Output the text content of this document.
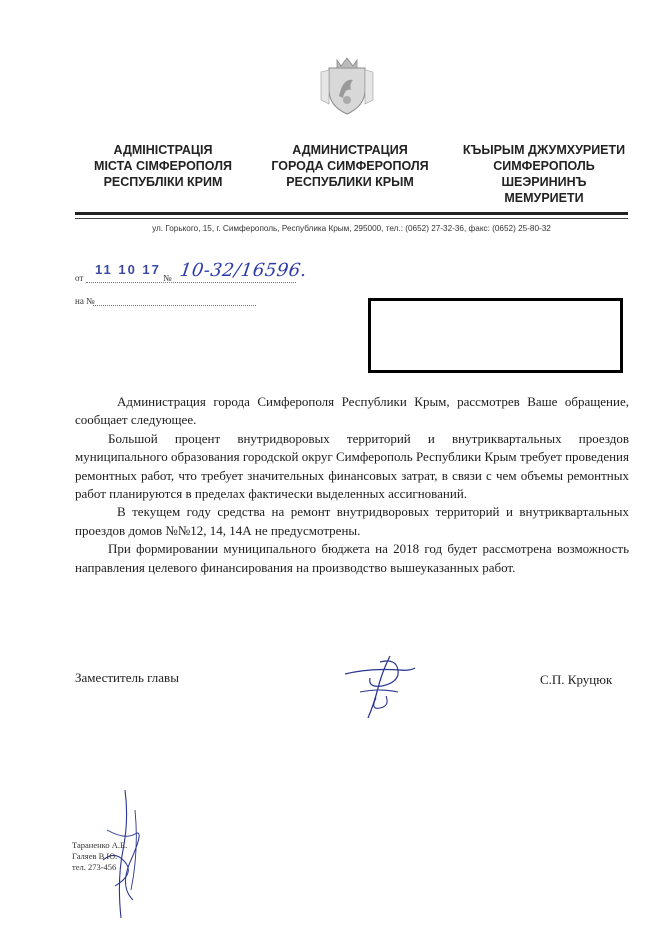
АДМІНІСТРАЦІЯ
МІСТА СІМФЕРОПОЛЯ
РЕСПУБЛІКИ КРИМ
АДМИНИСТРАЦИЯ
ГОРОДА СИМФЕРОПОЛЯ
РЕСПУБЛИКИ КРЫМ
КЪЫРЫМ ДЖУМХУРИЕТИ
СИМФЕРОПОЛЬ
ШЕЭРИНИНЪ
МЕМУРИЕТИ
ул. Горького, 15, г. Симферополь, Республика Крым, 295000, тел.: (0652) 27-32-36, факс: (0652) 25-80-32
от
11 10 17
№ 10-32/16596.
на №

Администрация города Симферополя Республики Крым, рассмотрев Ваше обращение, сообщает следующее.

Большой процент внутридворовых территорий и внутриквартальных проездов муниципального образования городской округ Симферополь Республики Крым требует проведения ремонтных работ, что требует значительных финансовых затрат, в связи с чем объемы ремонтных работ планируются в пределах фактически выделенных ассигнований.

В текущем году средства на ремонт внутридворовых территорий и внутриквартальных проездов домов №№12, 14, 14А не предусмотрены.

При формировании муниципального бюджета на 2018 год будет рассмотрена возможность направления целевого финансирования на производство вышеуказанных работ.

Заместитель главы	С.П. Круцюк
Тараненко А.Е.
Галяев В.Ю.
тел. 273-456
